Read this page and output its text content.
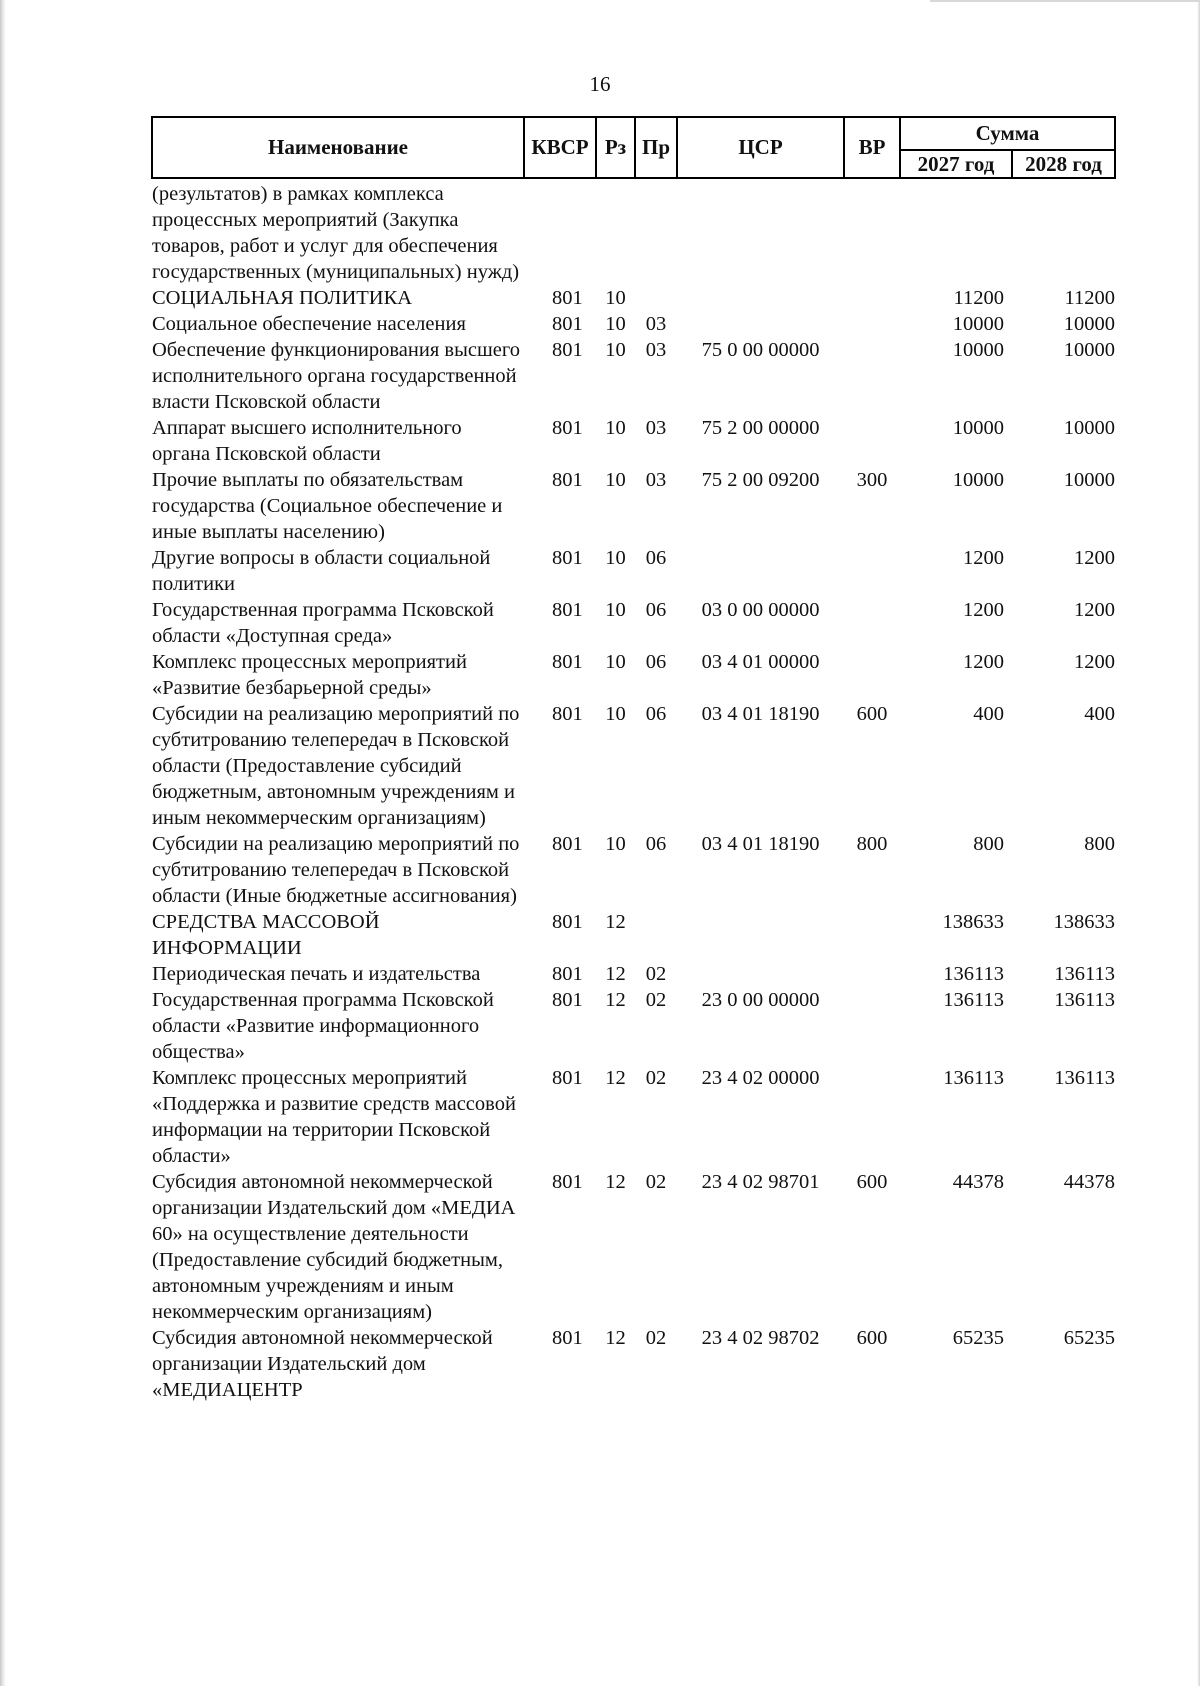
16
Наименование	КВСР	Рз	Пр	ЦСР	ВР	Сумма	
						2027 год	2028 год
(результатов) в рамках комплекса процессных мероприятий (Закупка товаров, работ и услуг для обеспечения государственных (муниципальных) нужд)							
СОЦИАЛЬНАЯ ПОЛИТИКА	801	10				11200	11200
Социальное обеспечение населения	801	10	03			10000	10000
Обеспечение функционирования высшего исполнительного органа государственной власти Псковской области	801	10	03	75 0 00 00000		10000	10000
Аппарат высшего исполнительного органа Псковской области	801	10	03	75 2 00 00000		10000	10000
Прочие выплаты по обязательствам государства (Социальное обеспечение и иные выплаты населению)	801	10	03	75 2 00 09200	300	10000	10000
Другие вопросы в области социальной политики	801	10	06			1200	1200
Государственная программа Псковской области «Доступная среда»	801	10	06	03 0 00 00000		1200	1200
Комплекс процессных мероприятий «Развитие безбарьерной среды»	801	10	06	03 4 01 00000		1200	1200
Субсидии на реализацию мероприятий по субтитрованию телепередач в Псковской области (Предоставление субсидий бюджетным, автономным учреждениям и иным некоммерческим организациям)	801	10	06	03 4 01 18190	600	400	400
Субсидии на реализацию мероприятий по субтитрованию телепередач в Псковской области (Иные бюджетные ассигнования)	801	10	06	03 4 01 18190	800	800	800
СРЕДСТВА МАССОВОЙ ИНФОРМАЦИИ	801	12				138633	138633
Периодическая печать и издательства	801	12	02			136113	136113
Государственная программа Псковской области «Развитие информационного общества»	801	12	02	23 0 00 00000		136113	136113
Комплекс процессных мероприятий «Поддержка и развитие средств массовой информации на территории Псковской области»	801	12	02	23 4 02 00000		136113	136113
Субсидия автономной некоммерческой организации Издательский дом «МЕДИА 60» на осуществление деятельности (Предоставление субсидий бюджетным, автономным учреждениям и иным некоммерческим организациям)	801	12	02	23 4 02 98701	600	44378	44378
Субсидия автономной некоммерческой организации Издательский дом «МЕДИАЦЕНТР	801	12	02	23 4 02 98702	600	65235	65235
